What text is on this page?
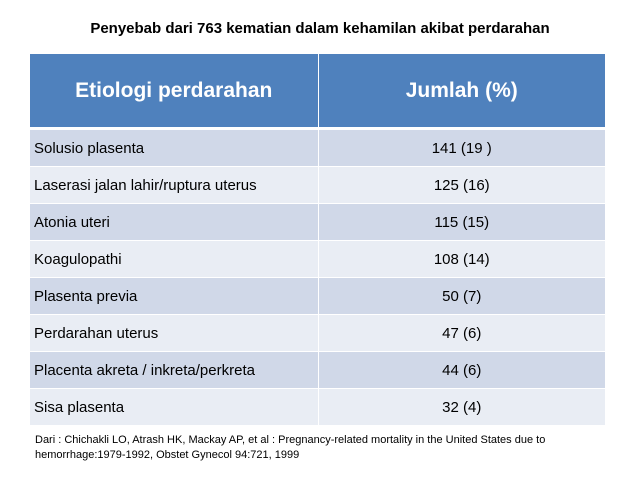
Penyebab dari 763 kematian dalam kehamilan akibat perdarahan
Etiologi perdarahan	Jumlah (%)
Solusio plasenta	141 (19 )
Laserasi jalan lahir/ruptura uterus	125 (16)
Atonia uteri	115 (15)
Koagulopathi	108 (14)
Plasenta previa	50 (7)
Perdarahan uterus	47 (6)
Placenta akreta / inkreta/perkreta	44 (6)
Sisa plasenta	32 (4)
Dari : Chichakli LO, Atrash HK, Mackay AP, et al : Pregnancy-related mortality in the United States due to
hemorrhage:1979-1992, Obstet Gynecol 94:721, 1999
